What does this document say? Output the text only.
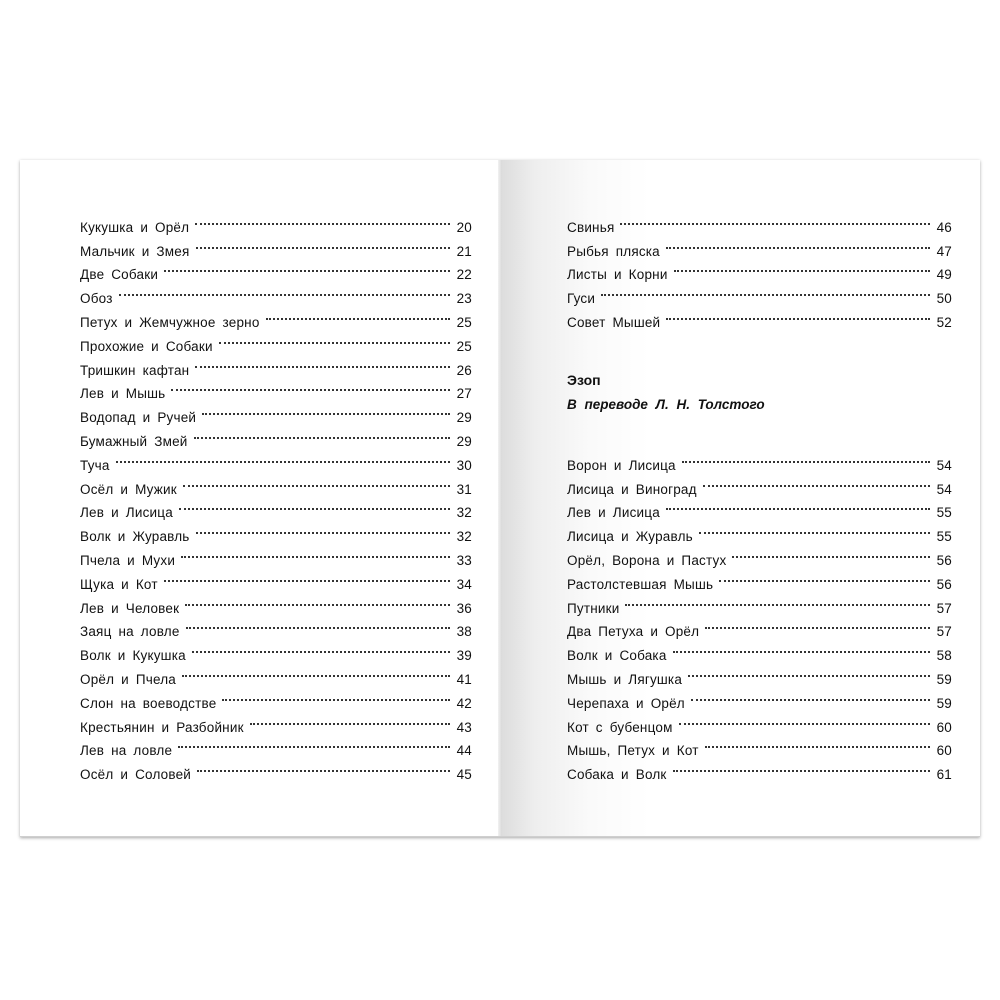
Кукушка и Орёл	20
Мальчик и Змея	21
Две Собаки	22
Обоз	23
Петух и Жемчужное зерно	25
Прохожие и Собаки	25
Тришкин кафтан	26
Лев и Мышь	27
Водопад и Ручей	29
Бумажный Змей	29
Туча	30
Осёл и Мужик	31
Лев и Лисица	32
Волк и Журавль	32
Пчела и Мухи	33
Щука и Кот	34
Лев и Человек	36
Заяц на ловле	38
Волк и Кукушка	39
Орёл и Пчела	41
Слон на воеводстве	42
Крестьянин и Разбойник	43
Лев на ловле	44
Осёл и Соловей	45
Свинья	46
Рыбья пляска	47
Листы и Корни	49
Гуси	50
Совет Мышей	52
Эзоп
В переводе Л. Н. Толстого
Ворон и Лисица	54
Лисица и Виноград	54
Лев и Лисица	55
Лисица и Журавль	55
Орёл, Ворона и Пастух	56
Растолстевшая Мышь	56
Путники	57
Два Петуха и Орёл	57
Волк и Собака	58
Мышь и Лягушка	59
Черепаха и Орёл	59
Кот с бубенцом	60
Мышь, Петух и Кот	60
Собака и Волк	61
